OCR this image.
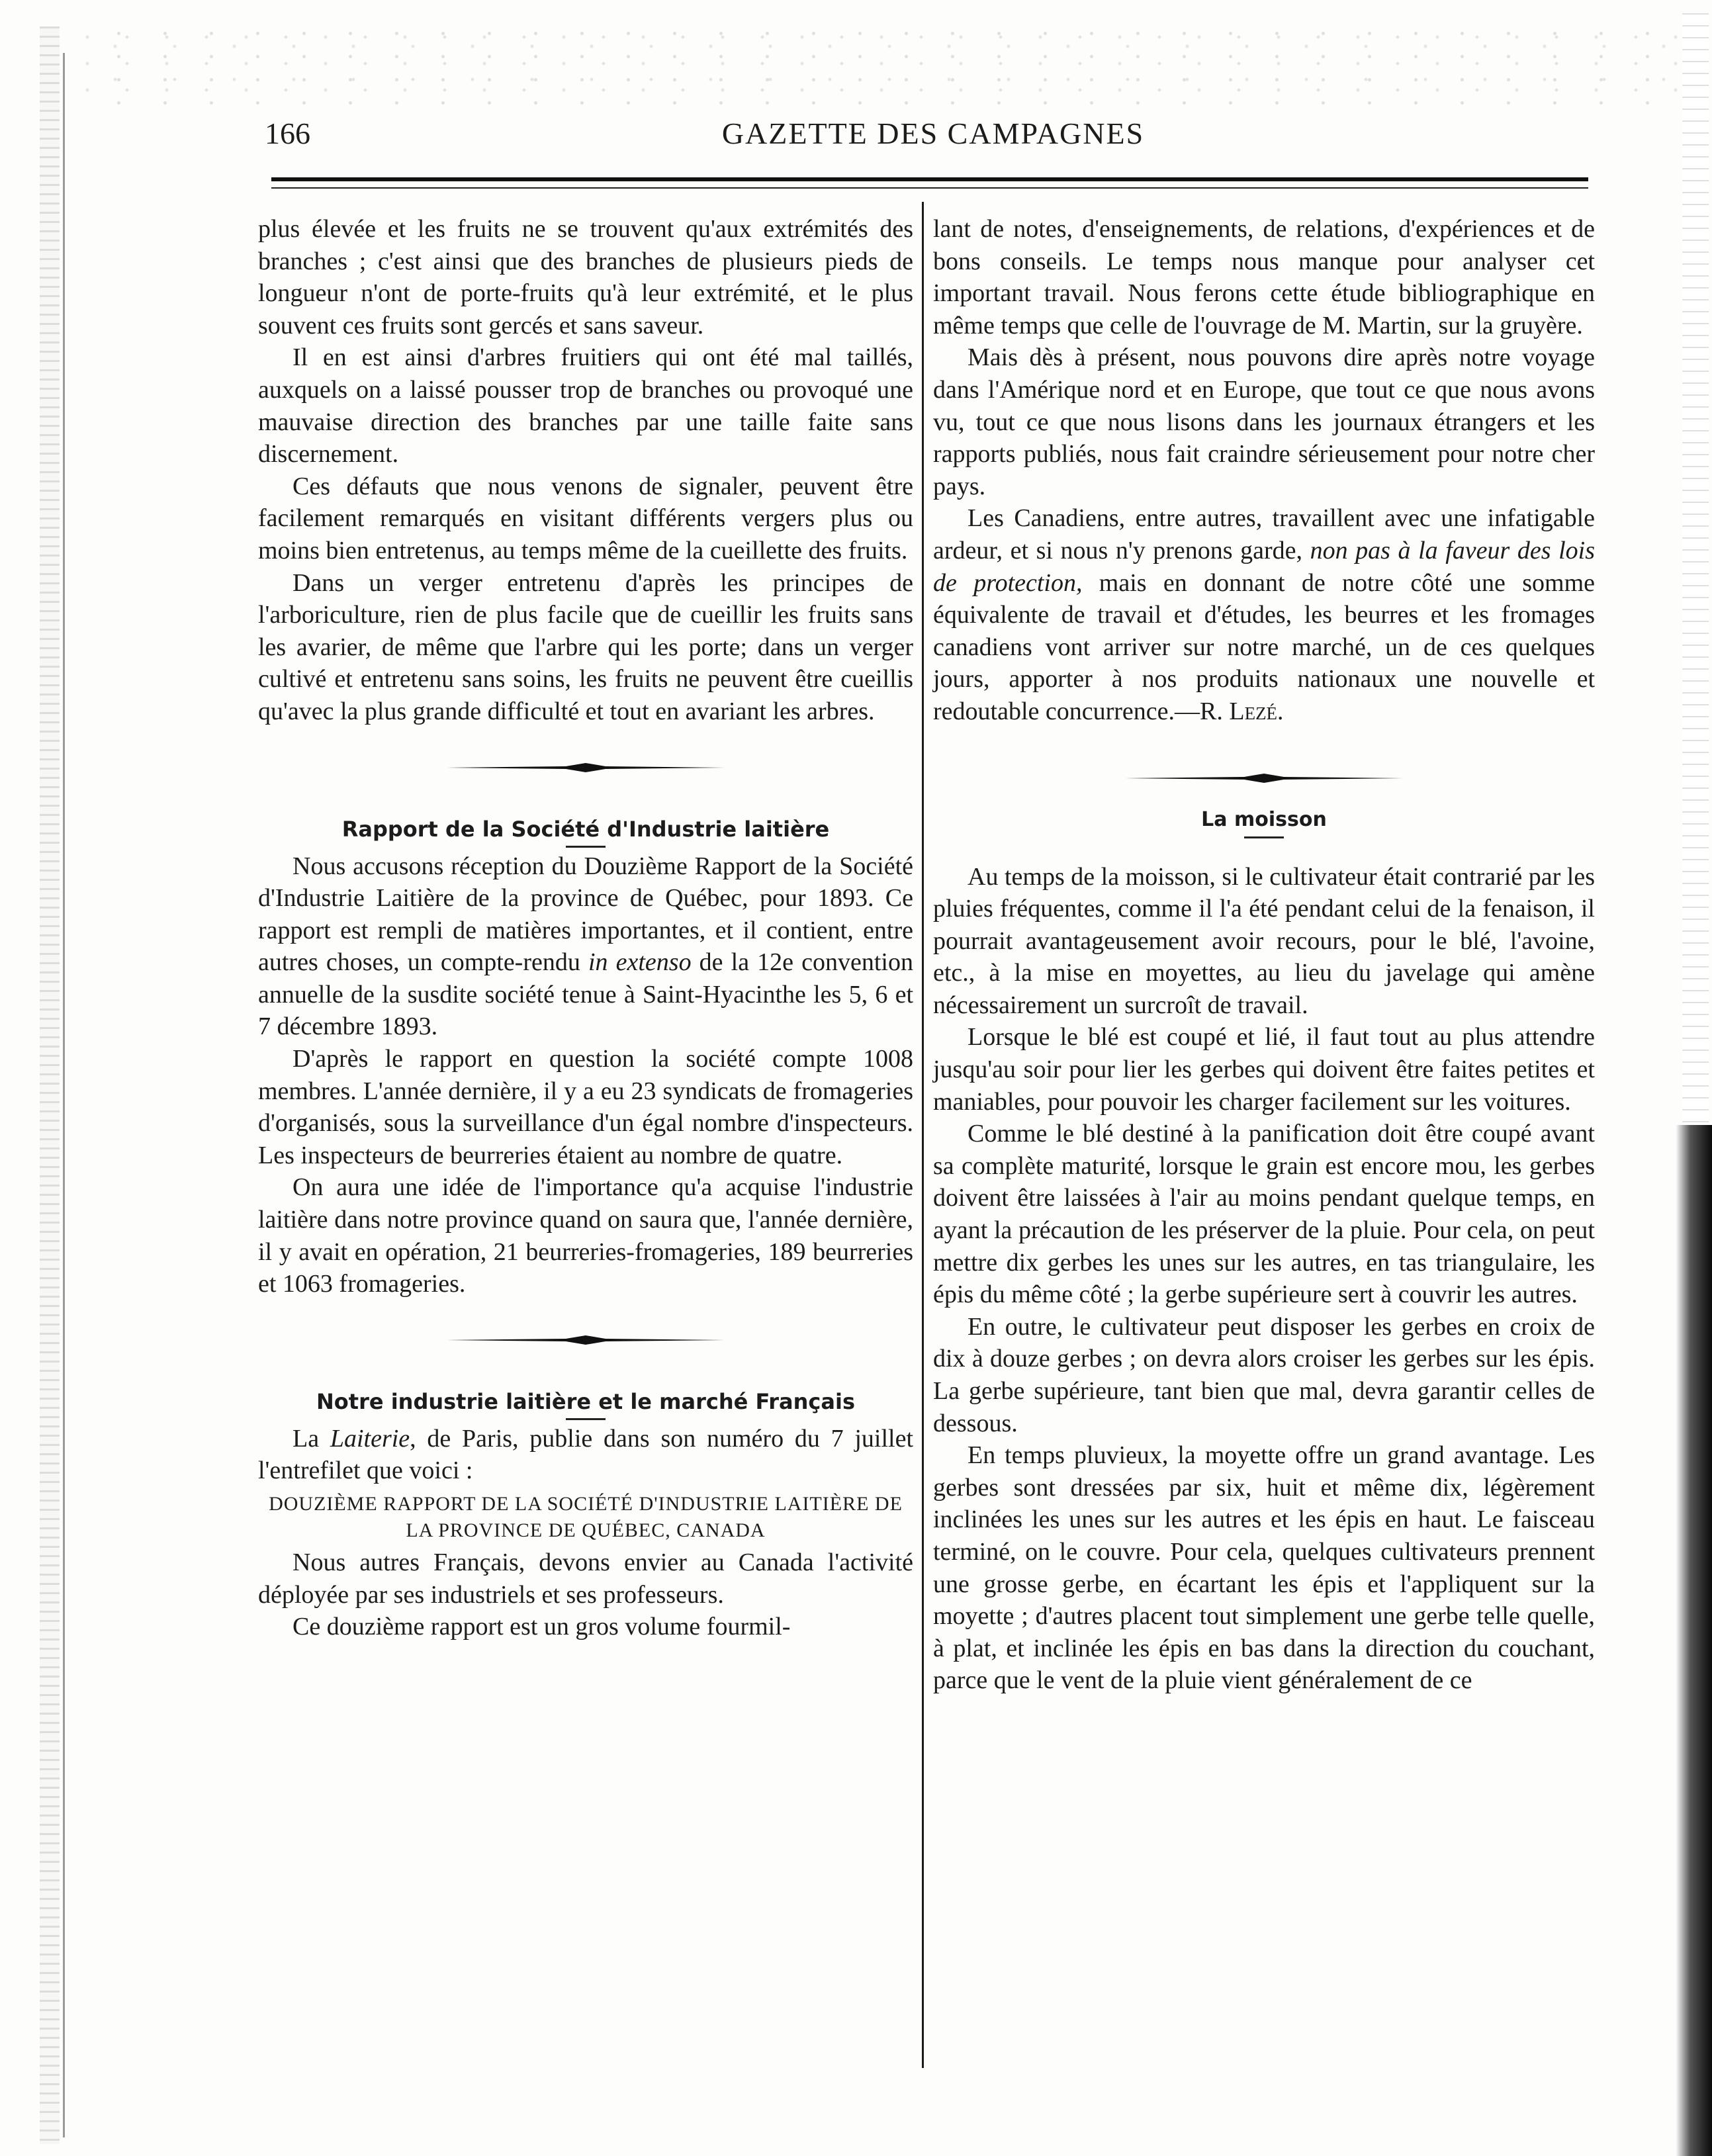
166	GAZETTE DES CAMPAGNES

plus élevée et les fruits ne se trouvent qu'aux extrémités des branches ; c'est ainsi que des branches de plusieurs pieds de longueur n'ont de porte-fruits qu'à leur extrémité, et le plus souvent ces fruits sont gercés et sans saveur.

Il en est ainsi d'arbres fruitiers qui ont été mal taillés, auxquels on a laissé pousser trop de branches ou provoqué une mauvaise direction des branches par une taille faite sans discernement.

Ces défauts que nous venons de signaler, peuvent être facilement remarqués en visitant différents vergers plus ou moins bien entretenus, au temps même de la cueillette des fruits.

Dans un verger entretenu d'après les principes de l'arboriculture, rien de plus facile que de cueillir les fruits sans les avarier, de même que l'arbre qui les porte; dans un verger cultivé et entretenu sans soins, les fruits ne peuvent être cueillis qu'avec la plus grande difficulté et tout en avariant les arbres.

Rapport de la Société d'Industrie laitière

Nous accusons réception du Douzième Rapport de la Société d'Industrie Laitière de la province de Québec, pour 1893. Ce rapport est rempli de matières importantes, et il contient, entre autres choses, un compte-rendu in extenso de la 12e convention annuelle de la susdite société tenue à Saint-Hyacinthe les 5, 6 et 7 décembre 1893.

D'après le rapport en question la société compte 1008 membres. L'année dernière, il y a eu 23 syndicats de fromageries d'organisés, sous la surveillance d'un égal nombre d'inspecteurs. Les inspecteurs de beurreries étaient au nombre de quatre.

On aura une idée de l'importance qu'a acquise l'industrie laitière dans notre province quand on saura que, l'année dernière, il y avait en opération, 21 beurreries-fromageries, 189 beurreries et 1063 fromageries.

Notre industrie laitière et le marché Français

La Laiterie, de Paris, publie dans son numéro du 7 juillet l'entrefilet que voici :

DOUZIÈME RAPPORT DE LA SOCIÉTÉ D'INDUSTRIE LAITIÈRE DE LA PROVINCE DE QUÉBEC, CANADA

Nous autres Français, devons envier au Canada l'activité déployée par ses industriels et ses professeurs.

Ce douzième rapport est un gros volume fourmil-

lant de notes, d'enseignements, de relations, d'expériences et de bons conseils. Le temps nous manque pour analyser cet important travail. Nous ferons cette étude bibliographique en même temps que celle de l'ouvrage de M. Martin, sur la gruyère.

Mais dès à présent, nous pouvons dire après notre voyage dans l'Amérique nord et en Europe, que tout ce que nous avons vu, tout ce que nous lisons dans les journaux étrangers et les rapports publiés, nous fait craindre sérieusement pour notre cher pays.

Les Canadiens, entre autres, travaillent avec une infatigable ardeur, et si nous n'y prenons garde, non pas à la faveur des lois de protection, mais en donnant de notre côté une somme équivalente de travail et d'études, les beurres et les fromages canadiens vont arriver sur notre marché, un de ces quelques jours, apporter à nos produits nationaux une nouvelle et redoutable concurrence.—R. Lezé.

La moisson

Au temps de la moisson, si le cultivateur était contrarié par les pluies fréquentes, comme il l'a été pendant celui de la fenaison, il pourrait avantageusement avoir recours, pour le blé, l'avoine, etc., à la mise en moyettes, au lieu du javelage qui amène nécessairement un surcroît de travail.

Lorsque le blé est coupé et lié, il faut tout au plus attendre jusqu'au soir pour lier les gerbes qui doivent être faites petites et maniables, pour pouvoir les charger facilement sur les voitures.

Comme le blé destiné à la panification doit être coupé avant sa complète maturité, lorsque le grain est encore mou, les gerbes doivent être laissées à l'air au moins pendant quelque temps, en ayant la précaution de les préserver de la pluie. Pour cela, on peut mettre dix gerbes les unes sur les autres, en tas triangulaire, les épis du même côté ; la gerbe supérieure sert à couvrir les autres.

En outre, le cultivateur peut disposer les gerbes en croix de dix à douze gerbes ; on devra alors croiser les gerbes sur les épis. La gerbe supérieure, tant bien que mal, devra garantir celles de dessous.

En temps pluvieux, la moyette offre un grand avantage. Les gerbes sont dressées par six, huit et même dix, légèrement inclinées les unes sur les autres et les épis en haut. Le faisceau terminé, on le couvre. Pour cela, quelques cultivateurs prennent une grosse gerbe, en écartant les épis et l'appliquent sur la moyette ; d'autres placent tout simplement une gerbe telle quelle, à plat, et inclinée les épis en bas dans la direction du couchant, parce que le vent de la pluie vient généralement de ce
